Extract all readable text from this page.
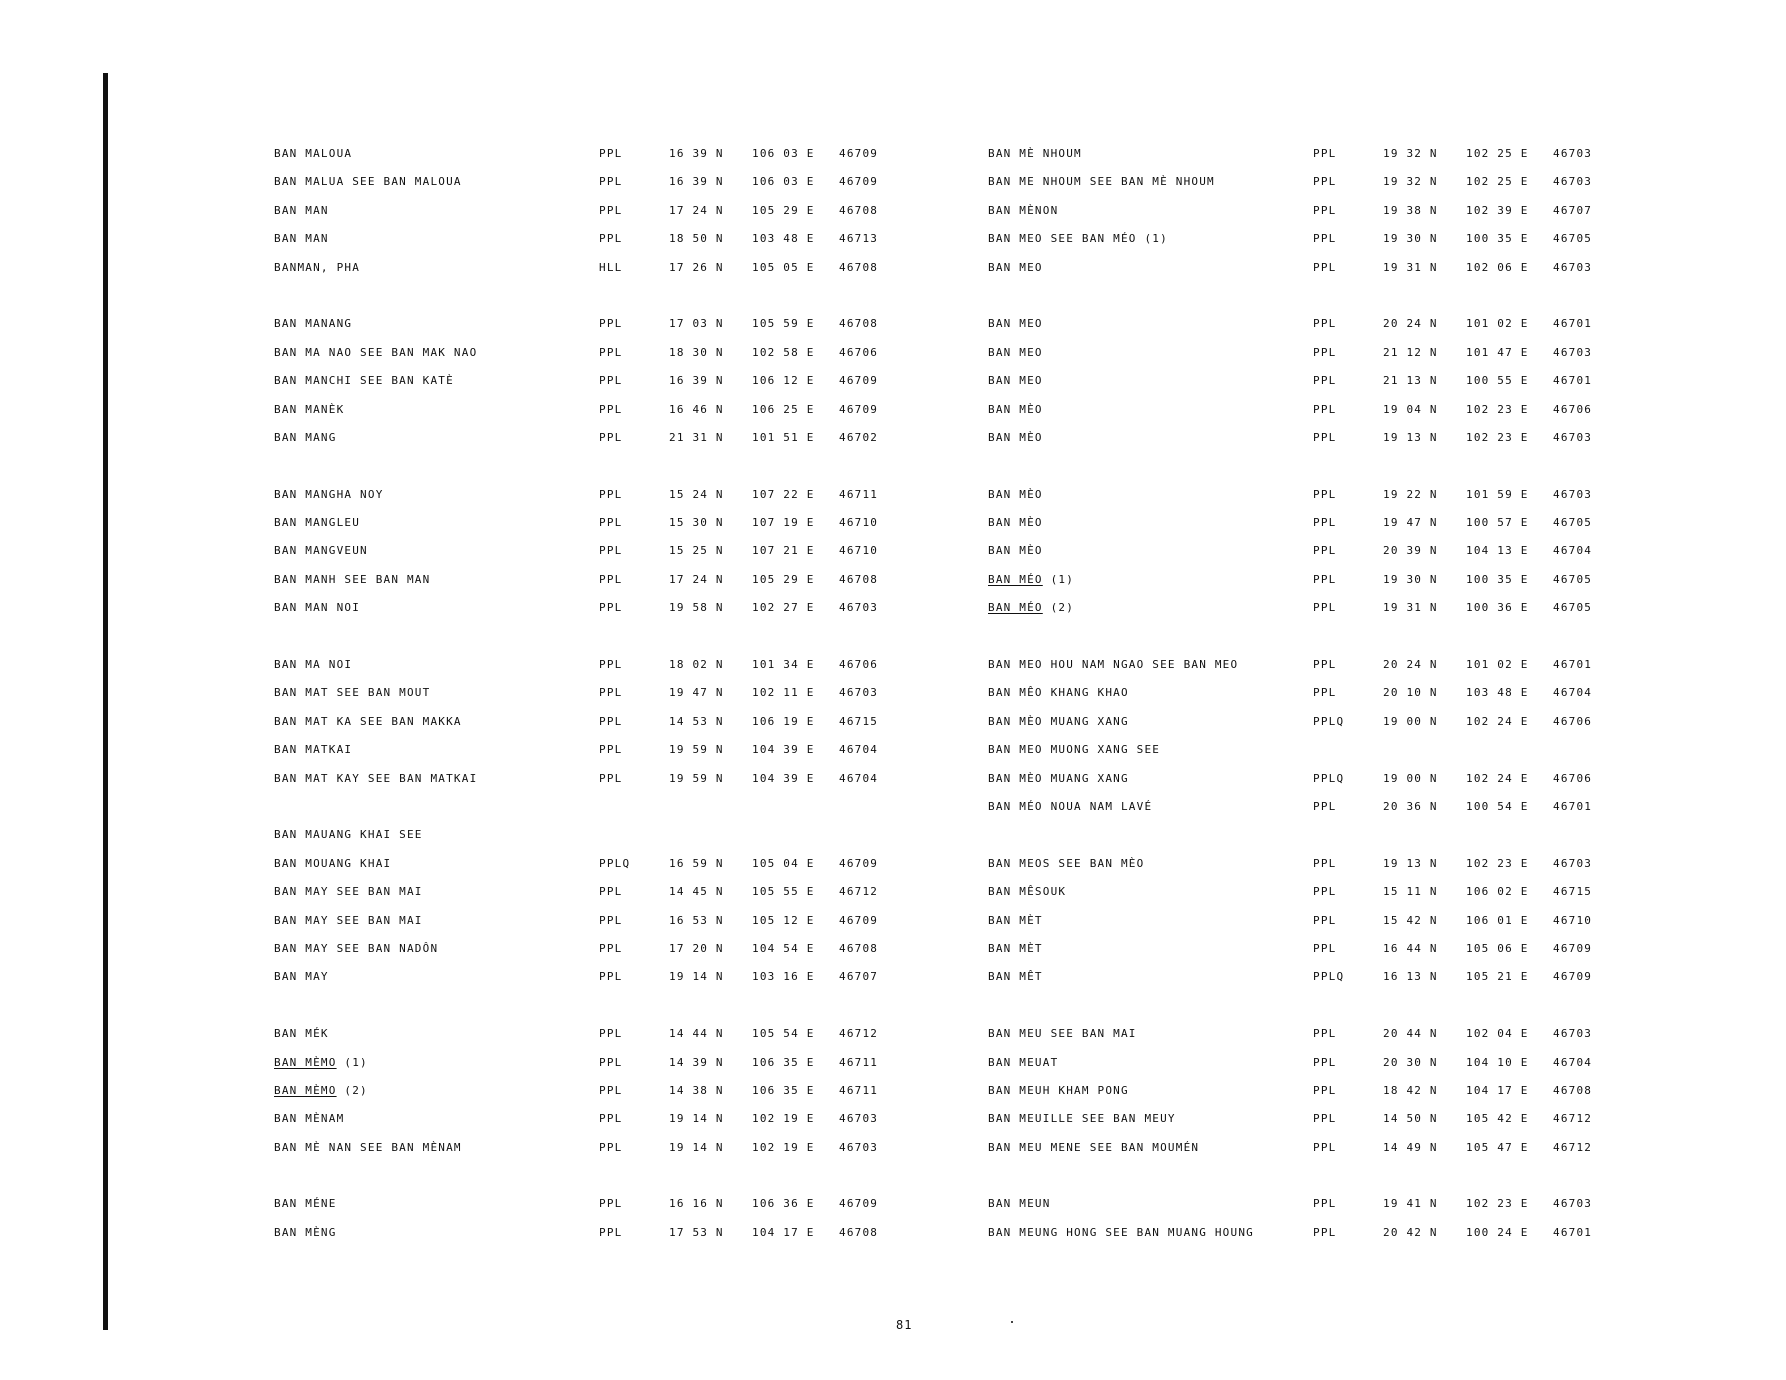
BAN MALOUA	PPL	16 39 N	106 03 E 46709
BAN MALUA SEE BAN MALOUA	PPL	16 39 N	106 03 E 46709
BAN MAN	PPL	17 24 N	105 29 E 46708
BAN MAN	PPL	18 50 N	103 48 E 46713
BANMAN, PHA	HLL	17 26 N	105 05 E 46708
BAN MANANG	PPL	17 03 N	105 59 E 46708
BAN MA NAO SEE BAN MAK NAO	PPL	18 30 N	102 58 E 46706
BAN MANCHI SEE BAN KATÈ	PPL	16 39 N	106 12 E 46709
BAN MANÈK	PPL	16 46 N	106 25 E 46709
BAN MANG	PPL	21 31 N	101 51 E 46702
BAN MANGHA NOY	PPL	15 24 N	107 22 E 46711
BAN MANGLEU	PPL	15 30 N	107 19 E 46710
BAN MANGVEUN	PPL	15 25 N	107 21 E 46710
BAN MANH SEE BAN MAN	PPL	17 24 N	105 29 E 46708
BAN MAN NOI	PPL	19 58 N	102 27 E 46703
BAN MA NOI	PPL	18 02 N	101 34 E 46706
BAN MAT SEE BAN MOUT	PPL	19 47 N	102 11 E 46703
BAN MAT KA SEE BAN MAKKA	PPL	14 53 N	106 19 E 46715
BAN MATKAI	PPL	19 59 N	104 39 E 46704
BAN MAT KAY SEE BAN MATKAI	PPL	19 59 N	104 39 E 46704
BAN MAUANG KHAI SEE
BAN MOUANG KHAI	PPLQ	16 59 N	105 04 E 46709
BAN MAY SEE BAN MAI	PPL	14 45 N	105 55 E 46712
BAN MAY SEE BAN MAI	PPL	16 53 N	105 12 E 46709
BAN MAY SEE BAN NADÔN	PPL	17 20 N	104 54 E 46708
BAN MAY	PPL	19 14 N	103 16 E 46707
BAN MÉK	PPL	14 44 N	105 54 E 46712
BAN MÈMO (1)	PPL	14 39 N	106 35 E 46711
BAN MÈMO (2)	PPL	14 38 N	106 35 E 46711
BAN MÈNAM	PPL	19 14 N	102 19 E 46703
BAN MÈ NAN SEE BAN MÈNAM	PPL	19 14 N	102 19 E 46703
BAN MÉNE	PPL	16 16 N	106 36 E 46709
BAN MÈNG	PPL	17 53 N	104 17 E 46708
BAN MÈ NHOUM	PPL	19 32 N	102 25 E 46703
BAN ME NHOUM SEE BAN MÈ NHOUM	PPL	19 32 N	102 25 E 46703
BAN MÈNON	PPL	19 38 N	102 39 E 46707
BAN MEO SEE BAN MÉO (1)	PPL	19 30 N	100 35 E 46705
BAN MEO	PPL	19 31 N	102 06 E 46703
BAN MEO	PPL	20 24 N	101 02 E 46701
BAN MEO	PPL	21 12 N	101 47 E 46703
BAN MEO	PPL	21 13 N	100 55 E 46701
BAN MÈO	PPL	19 04 N	102 23 E 46706
BAN MÈO	PPL	19 13 N	102 23 E 46703
BAN MÈO	PPL	19 22 N	101 59 E 46703
BAN MÈO	PPL	19 47 N	100 57 E 46705
BAN MÈO	PPL	20 39 N	104 13 E 46704
BAN MÉO (1)	PPL	19 30 N	100 35 E 46705
BAN MÉO (2)	PPL	19 31 N	100 36 E 46705
BAN MEO HOU NAM NGAO SEE BAN MEO	PPL	20 24 N	101 02 E 46701
BAN MÊO KHANG KHAO	PPL	20 10 N	103 48 E 46704
BAN MÈO MUANG XANG	PPLQ	19 00 N	102 24 E 46706
BAN MEO MUONG XANG SEE
BAN MÈO MUANG XANG	PPLQ	19 00 N	102 24 E 46706
BAN MÉO NOUA NAM LAVÉ	PPL	20 36 N	100 54 E 46701
BAN MEOS SEE BAN MÈO	PPL	19 13 N	102 23 E 46703
BAN MÊSOUK	PPL	15 11 N	106 02 E 46715
BAN MÈT	PPL	15 42 N	106 01 E 46710
BAN MÈT	PPL	16 44 N	105 06 E 46709
BAN MÊT	PPLQ	16 13 N	105 21 E 46709
BAN MEU SEE BAN MAI	PPL	20 44 N	102 04 E 46703
BAN MEUAT	PPL	20 30 N	104 10 E 46704
BAN MEUH KHAM PONG	PPL	18 42 N	104 17 E 46708
BAN MEUILLE SEE BAN MEUY	PPL	14 50 N	105 42 E 46712
BAN MEU MENE SEE BAN MOUMÉN	PPL	14 49 N	105 47 E 46712
BAN MEUN	PPL	19 41 N	102 23 E 46703
BAN MEUNG HONG SEE BAN MUANG HOUNG	PPL	20 42 N	100 24 E 46701
81
